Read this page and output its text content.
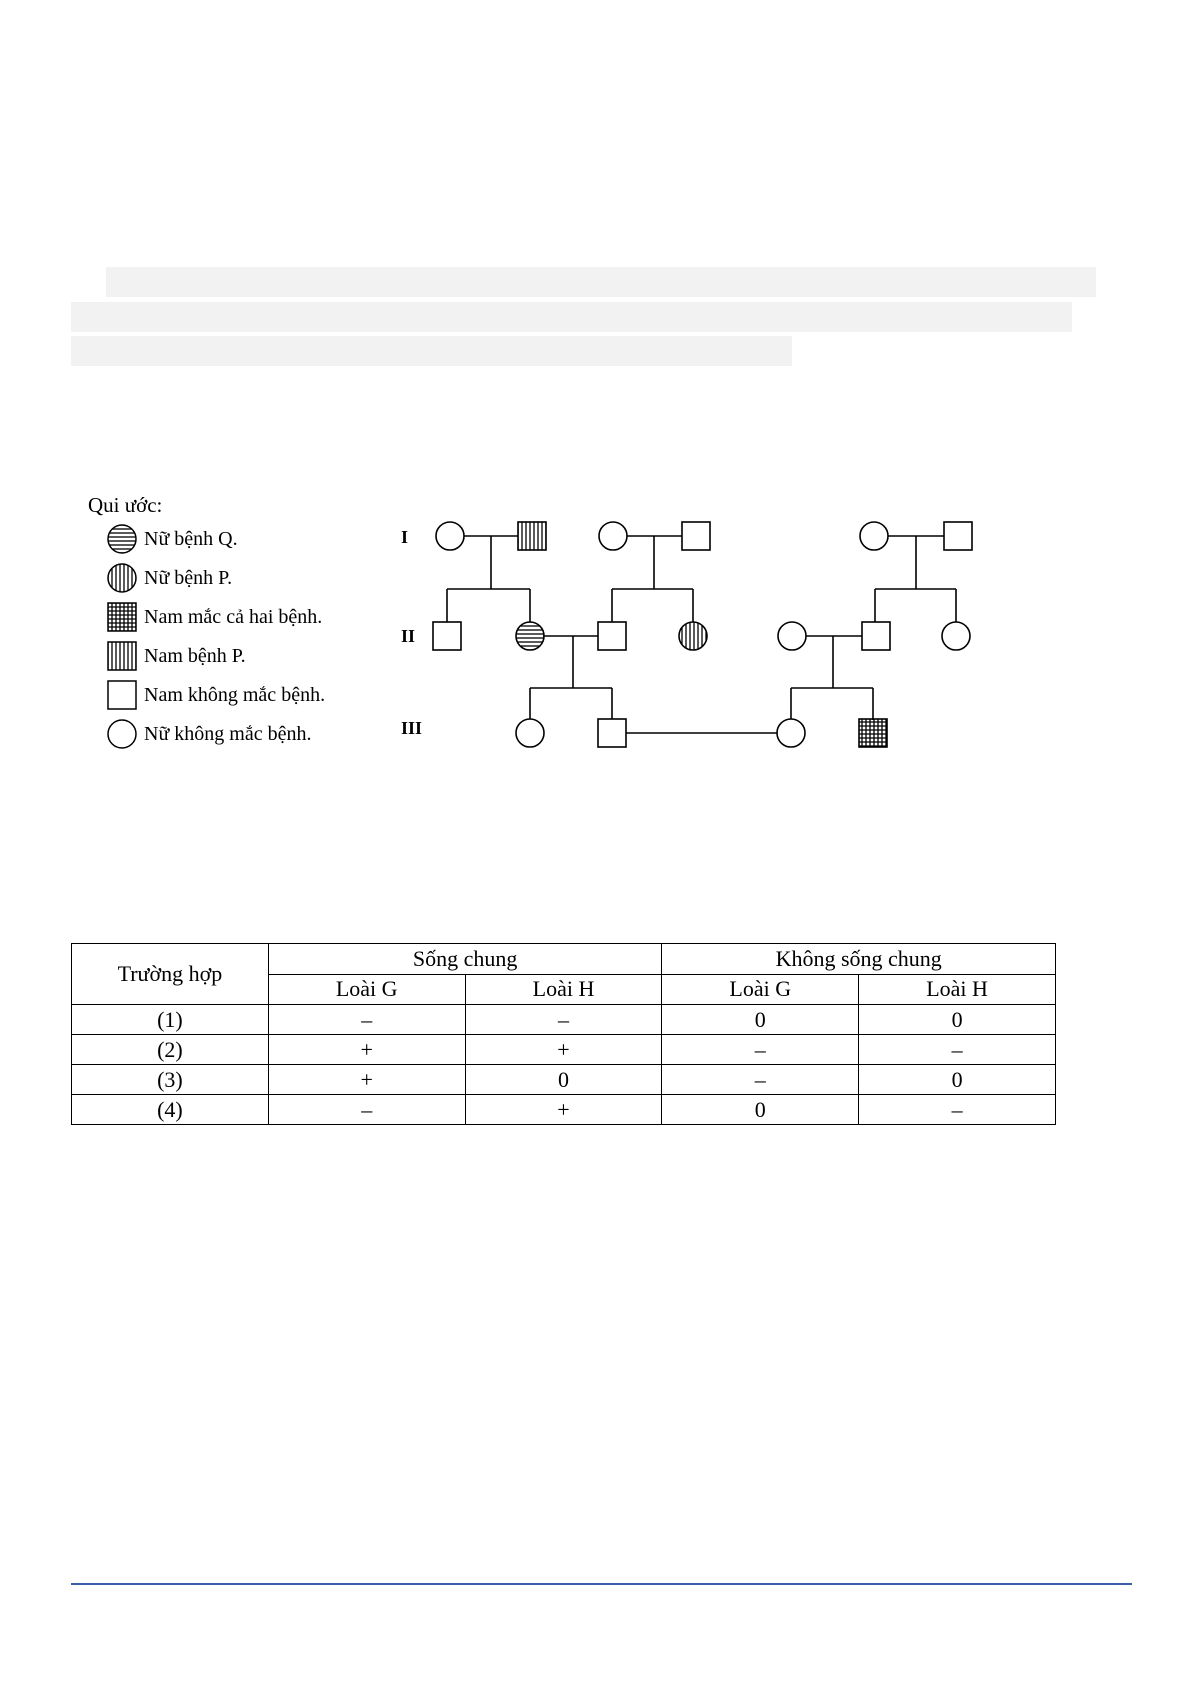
Qui ước:
Nữ bệnh Q.
Nữ bệnh P.
Nam mắc cả hai bệnh.
Nam bệnh P.
Nam không mắc bệnh.
Nữ không mắc bệnh.
I
II
III
Trường hợp	Sống chung		Không sống chung	
	Loài G	Loài H	Loài G	Loài H
(1)	–	–	0	0
(2)	+	+	–	–
(3)	+	0	–	0
(4)	–	+	0	–
